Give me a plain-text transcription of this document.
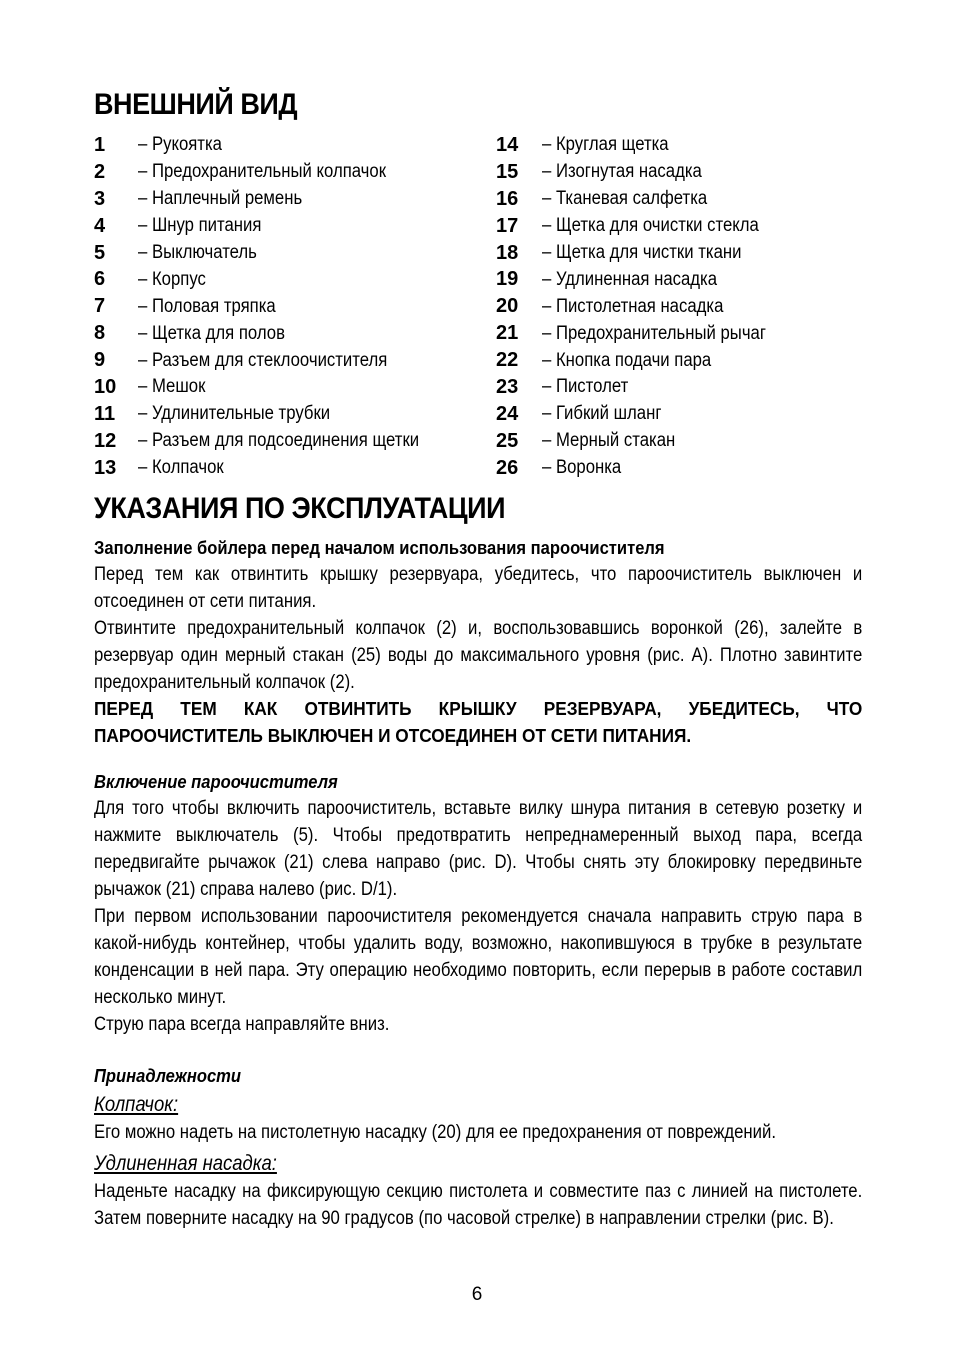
ВНЕШНИЙ ВИД
1	– Рукоятка
2	– Предохранительный колпачок
3	– Наплечный ремень
4	– Шнур питания
5	– Выключатель
6	– Корпус
7	– Половая тряпка
8	– Щетка для полов
9	– Разъем для стеклоочистителя
10	– Мешок
11	– Удлинительные трубки
12	– Разъем для подсоединения щетки
13	– Колпачок
14	– Круглая щетка
15	– Изогнутая насадка
16	– Тканевая салфетка
17	– Щетка для очистки стекла
18	– Щетка для чистки ткани
19	– Удлиненная насадка
20	– Пистолетная насадка
21	– Предохранительный рычаг
22	– Кнопка подачи пара
23	– Пистолет
24	– Гибкий шланг
25	– Мерный стакан
26	– Воронка
УКАЗАНИЯ ПО ЭКСПЛУАТАЦИИ
Заполнение бойлера перед началом использования пароочистителя

Перед тем как отвинтить крышку резервуара, убедитесь, что пароочиститель выключен и отсоединен от сети питания.

Отвинтите предохранительный колпачок (2) и, воспользовавшись воронкой (26), залейте в резервуар один мерный стакан (25) воды до максимального уровня (рис. А). Плотно завинтите предохранительный колпачок (2).

ПЕРЕД ТЕМ КАК ОТВИНТИТЬ КРЫШКУ РЕЗЕРВУАРА, УБЕДИТЕСЬ, ЧТО ПАРООЧИСТИТЕЛЬ ВЫКЛЮЧЕН И ОТСОЕДИНЕН ОТ СЕТИ ПИТАНИЯ.

Включение пароочистителя

Для того чтобы включить пароочиститель, вставьте вилку шнура питания в сетевую розетку и нажмите выключатель (5). Чтобы предотвратить непреднамеренный выход пара, всегда передвигайте рычажок (21) слева направо (рис. D). Чтобы снять эту блокировку передвиньте рычажок (21) справа налево (рис. D/1).

При первом использовании пароочистителя рекомендуется сначала направить струю пара в какой-нибудь контейнер, чтобы удалить воду, возможно, накопившуюся в трубке в результате конденсации в ней пара. Эту операцию необходимо повторить, если перерыв в работе составил несколько минут.

Струю пара всегда направляйте вниз.

Принадлежности
Колпачок:

Его можно надеть на пистолетную насадку (20) для ее предохранения от повреждений.

Удлиненная насадка:

Наденьте насадку на фиксирующую секцию пистолета и совместите паз с линией на пистолете. Затем поверните насадку на 90 градусов (по часовой стрелке) в направлении стрелки (рис. В).

6
